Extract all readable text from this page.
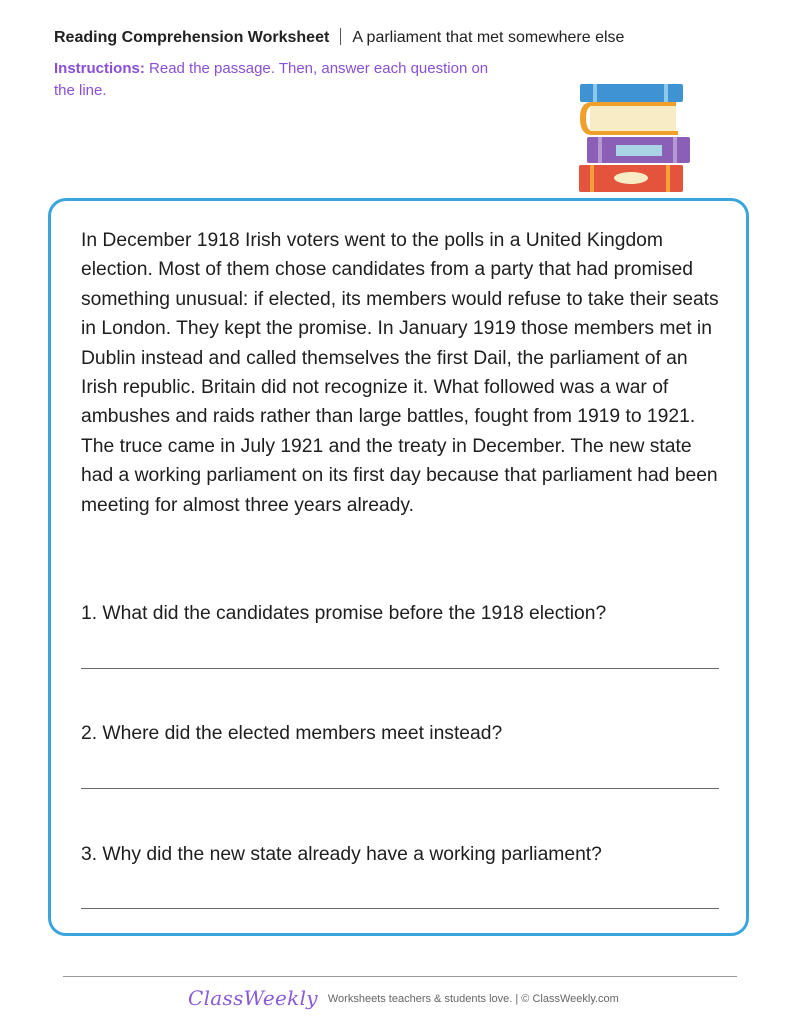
Reading Comprehension Worksheet A parliament that met somewhere else
Instructions: Read the passage. Then, answer each question on the line.

In December 1918 Irish voters went to the polls in a United Kingdom election. Most of them chose candidates from a party that had promised something unusual: if elected, its members would refuse to take their seats in London. They kept the promise. In January 1919 those members met in Dublin instead and called themselves the first Dail, the parliament of an Irish republic. Britain did not recognize it. What followed was a war of ambushes and raids rather than large battles, fought from 1919 to 1921. The truce came in July 1921 and the treaty in December. The new state had a working parliament on its first day because that parliament had been meeting for almost three years already.

1. What did the candidates promise before the 1918 election?
2. Where did the elected members meet instead?
3. Why did the new state already have a working parliament?
ClassWeekly Worksheets teachers & students love. | © ClassWeekly.com
